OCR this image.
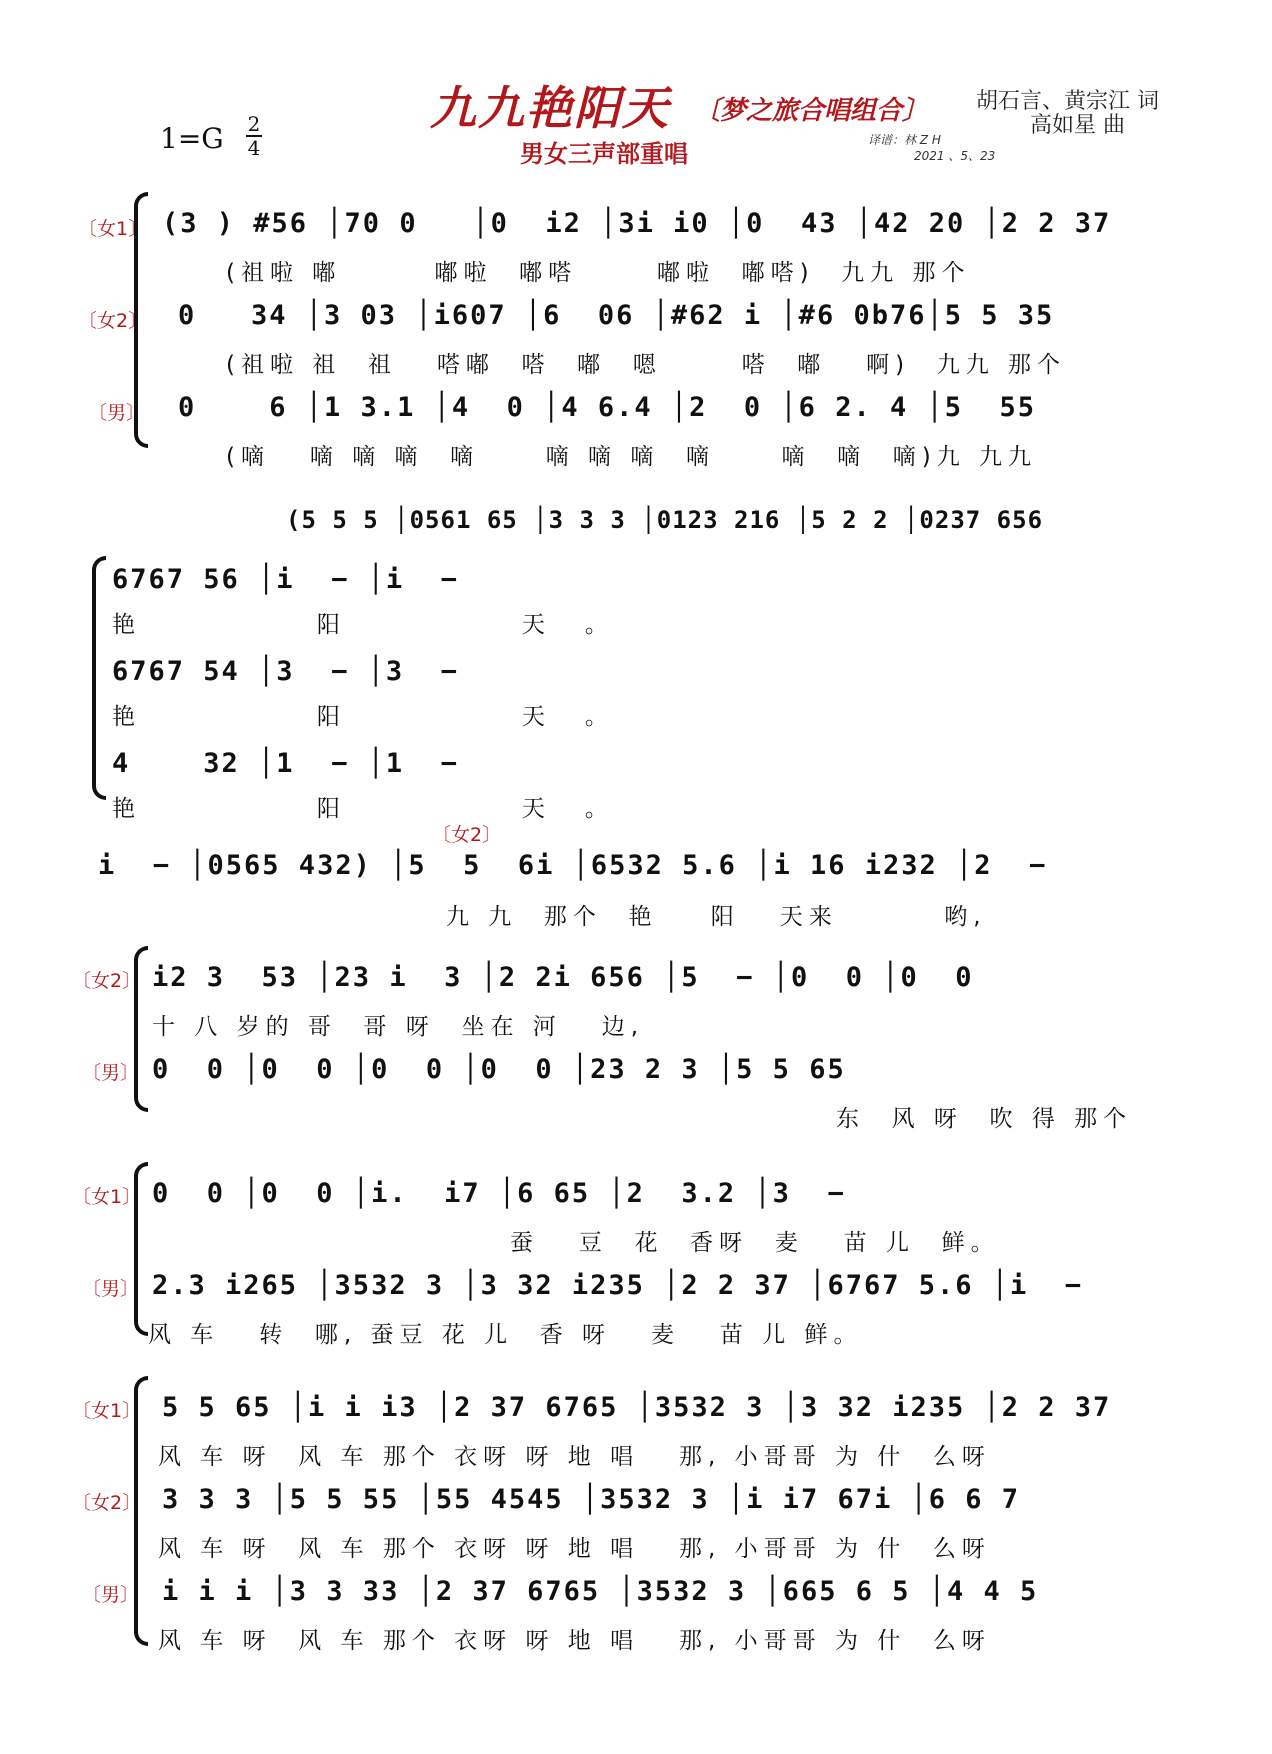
九九艳阳天 〔梦之旅合唱组合〕
男女三声部重唱
胡石言、黄宗江 词
高如星 曲
译谱：林 Z H
2021 、5、23
1=G 2
4
〔女1〕
〔女2〕
〔男〕
(3 ) #56 │70 0   │0  i2 │3i i0 │0  43 │42 20 │2 2 37
(祖啦 嘟       嘟啦  嘟嗒      嘟啦  嘟嗒)  九九 那个
0   34 │3 03 │i607 │6  06 │#62 i │#6 0b76│5 5 35
(祖啦 祖  祖   嗒嘟  嗒  嘟  嗯      嗒  嘟   啊)  九九 那个
0    6 │1 3.1 │4  0 │4 6.4 │2  0 │6 2. 4 │5  55
(嘀   嘀 嘀 嘀  嘀     嘀 嘀 嘀  嘀     嘀  嘀  嘀)九 九九
(5 5 5 │0561 65 │3 3 3 │0123 216 │5 2 2 │0237 656
6767 56 │i  − │i  −
艳   阳   天。
6767 54 │3  − │3  −
艳   阳   天。
4    32 │1  − │1  −
艳   阳   天。
i  − │0565 432) │5  5  6i │6532 5.6 │i 16 i232 │2  −
〔女2〕
九 九  那个  艳    阳   天来        哟,
〔女2〕
〔男〕
i2 3  53 │23 i  3 │2 2i 656 │5  − │0  0 │0  0
十 八 岁的 哥  哥 呀  坐在 河   边,
0  0 │0  0 │0  0 │0  0 │23 2 3 │5 5 65
东  风 呀  吹 得 那个
〔女1〕
〔男〕
0  0 │0  0 │i.  i7 │6 65 │2  3.2 │3  −
蚕   豆  花  香呀  麦   苗 儿  鲜。
2.3 i265 │3532 3 │3 32 i235 │2 2 37 │6767 5.6 │i  −
风 车   转  哪, 蚕豆 花 儿  香 呀   麦   苗 儿 鲜。
〔女1〕
〔女2〕
〔男〕
5 5 65 │i i i3 │2 37 6765 │3532 3 │3 32 i235 │2 2 37
风 车 呀  风 车 那个 衣呀 呀 地 唱   那, 小哥哥 为 什  么呀
3 3 3 │5 5 55 │55 4545 │3532 3 │i i7 67i │6 6 7
风 车 呀  风 车 那个 衣呀 呀 地 唱   那, 小哥哥 为 什  么呀
i i i │3 3 33 │2 37 6765 │3532 3 │665 6 5 │4 4 5
风 车 呀  风 车 那个 衣呀 呀 地 唱   那, 小哥哥 为 什  么呀
